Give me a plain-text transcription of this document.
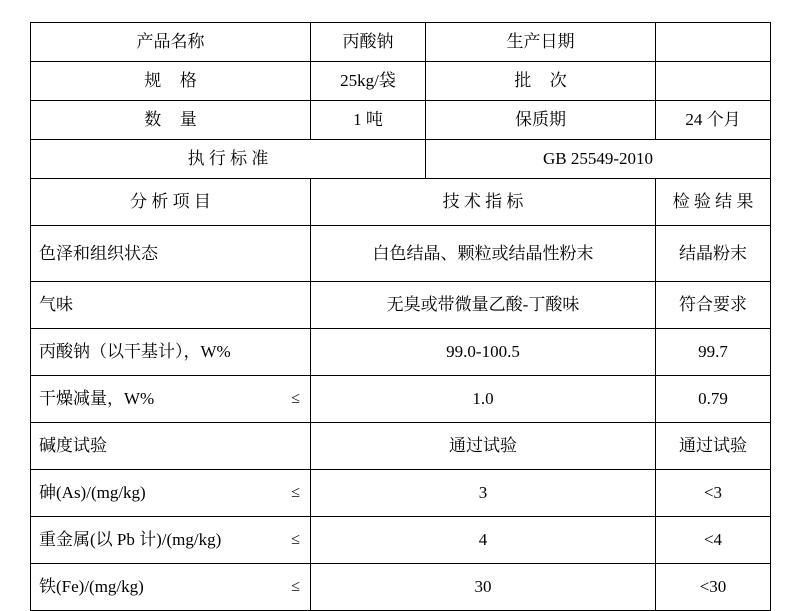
产品名称	丙酸钠	生产日期	
规 格	25kg/袋	批 次	
数 量	1 吨	保质期	24 个月
执 行 标 准		GB 25549-2010	
分 析 项 目	技 术 指 标		检 验 结 果
色泽和组织状态	白色结晶、颗粒或结晶性粉末		结晶粉末
气味	无臭或带微量乙酸-丁酸味		符合要求
丙酸钠（以干基计），W%	99.0-100.5		99.7
干燥减量，W% ≤	1.0		0.79
碱度试验	通过试验		通过试验
砷(As)/(mg/kg) ≤	3		<3
重金属(以 Pb 计)/(mg/kg) ≤	4		<4
铁(Fe)/(mg/kg) ≤	30		<30
